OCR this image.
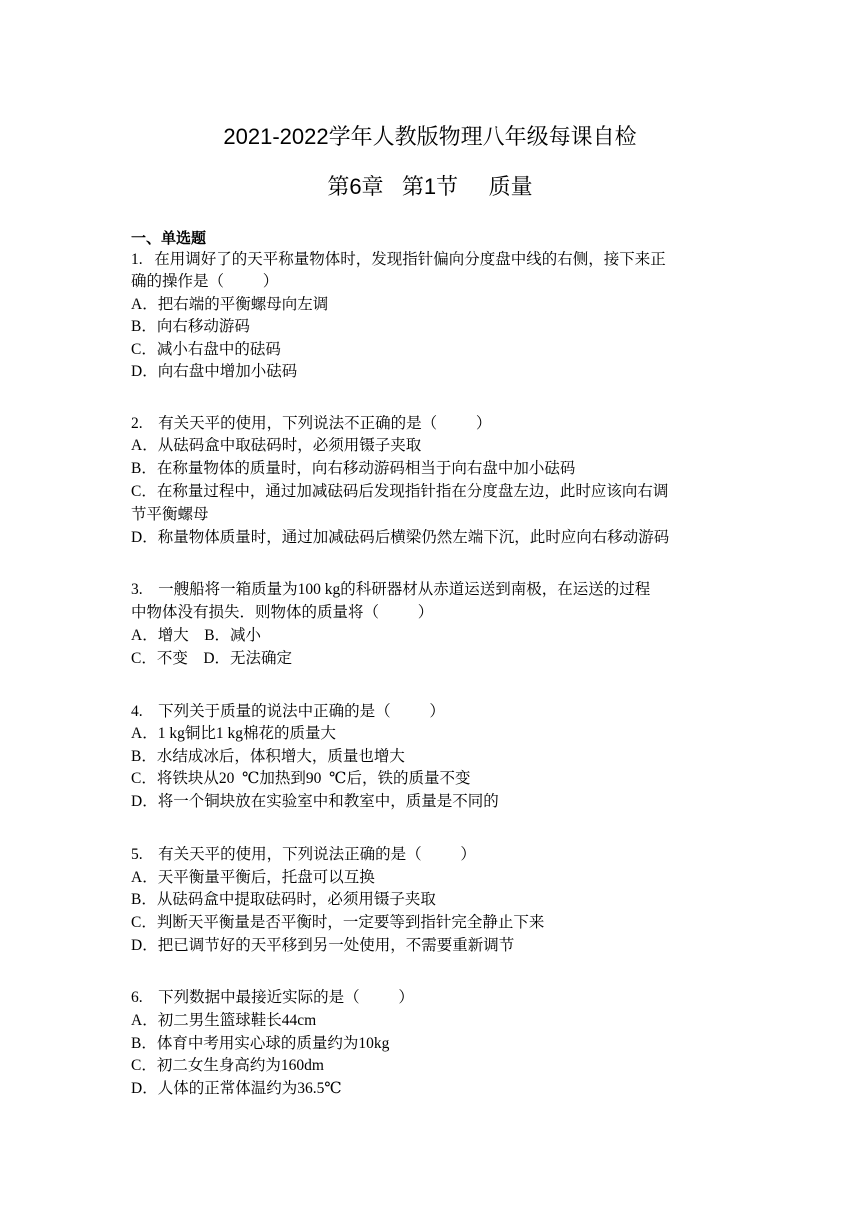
2021-2022学年人教版物理八年级每课自检
第6章   第1节     质量
一、单选题
1.   在用调好了的天平称量物体时，发现指针偏向分度盘中线的右侧，接下来正
确的操作是（          ）
A．把右端的平衡螺母向左调
B．向右移动游码
C．减小右盘中的砝码
D．向右盘中增加小砝码
2.    有关天平的使用，下列说法不正确的是（          ）
A．从砝码盒中取砝码时，必须用镊子夹取
B．在称量物体的质量时，向右移动游码相当于向右盘中加小砝码
C．在称量过程中，通过加减砝码后发现指针指在分度盘左边，此时应该向右调
节平衡螺母
D．称量物体质量时，通过加减砝码后横梁仍然左端下沉，此时应向右移动游码
3.    一艘船将一箱质量为100 kg的科研器材从赤道运送到南极，在运送的过程
中物体没有损失．则物体的质量将（          ）
A．增大    B．减小
C．不变    D．无法确定
4.    下列关于质量的说法中正确的是（          ）
A．1 kg铜比1 kg棉花的质量大
B．水结成冰后，体积增大，质量也增大
C．将铁块从20  ℃加热到90  ℃后，铁的质量不变
D．将一个铜块放在实验室中和教室中，质量是不同的
5.    有关天平的使用，下列说法正确的是（          ）
A．天平衡量平衡后，托盘可以互换
B．从砝码盒中提取砝码时，必须用镊子夹取
C．判断天平衡量是否平衡时，一定要等到指针完全静止下来
D．把已调节好的天平移到另一处使用，不需要重新调节
6.    下列数据中最接近实际的是（          ）
A．初二男生篮球鞋长44cm
B．体育中考用实心球的质量约为10kg
C．初二女生身高约为160dm
D．人体的正常体温约为36.5℃
